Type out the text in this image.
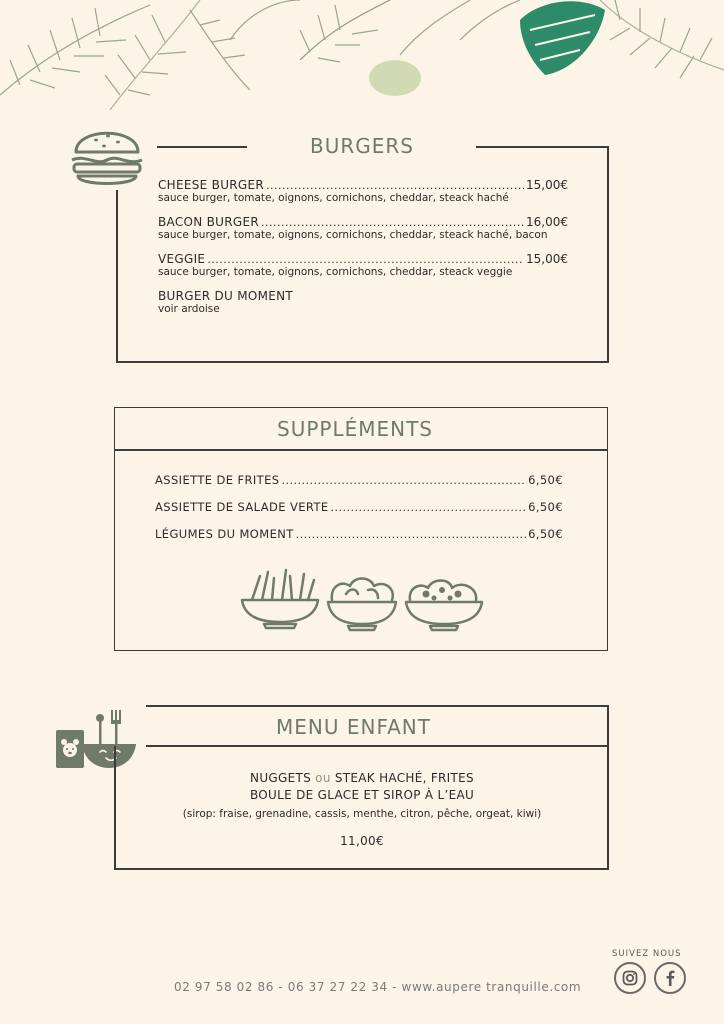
BURGERS
CHEESE BURGER .....	15,00€
sauce burger, tomate, oignons, cornichons, cheddar, steack haché
BACON BURGER .....	16,00€
sauce burger, tomate, oignons, cornichons, cheddar, steack haché, bacon
VEGGIE .....	15,00€
sauce burger, tomate, oignons, cornichons, cheddar, steack veggie
BURGER DU MOMENT
voir ardoise
SUPPLÉMENTS
ASSIETTE DE FRITES .....	6,50€
ASSIETTE DE SALADE VERTE .....	6,50€
LÉGUMES DU MOMENT .....	6,50€
MENU ENFANT
NUGGETS ou STEAK HACHÉ, FRITES
BOULE DE GLACE ET SIROP À L’EAU
(sirop: fraise, grenadine, cassis, menthe, citron, pêche, orgeat, kiwi)
11,00€
02 97 58 02 86 - 06 37 27 22 34 - www.aupere tranquille.com
SUIVEZ NOUS
